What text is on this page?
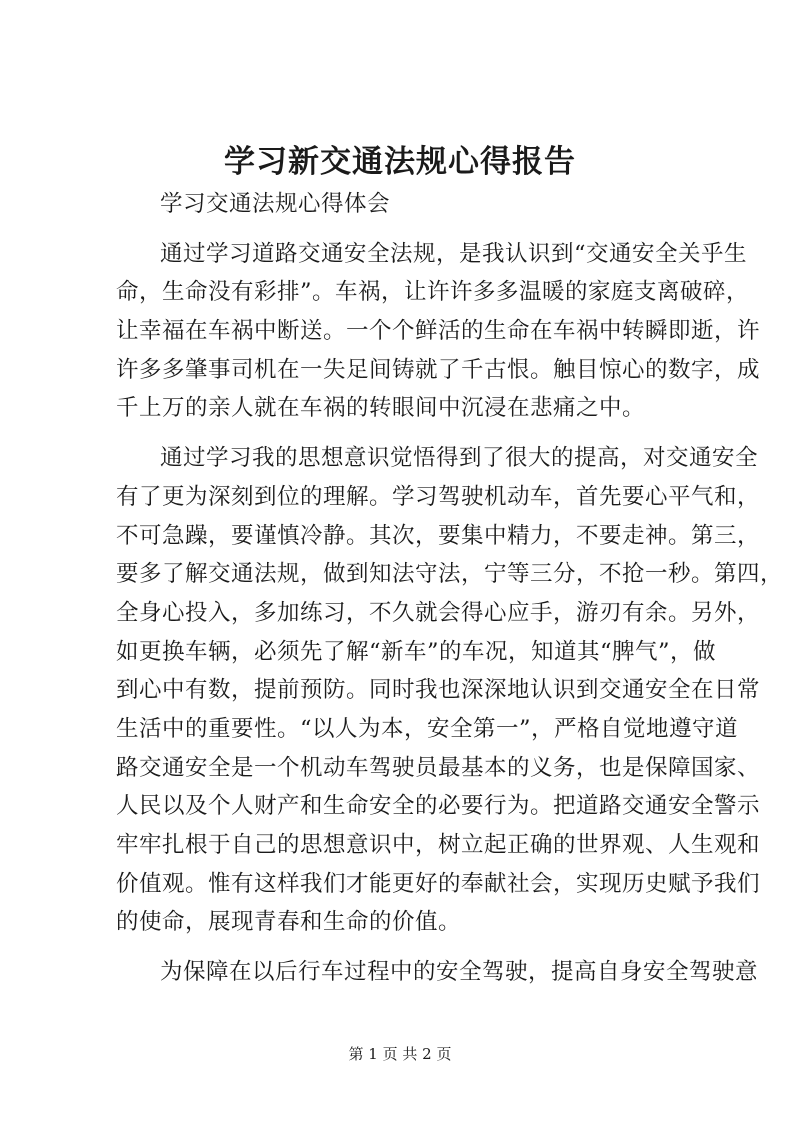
学习新交通法规心得报告
学习交通法规心得体会
通过学习道路交通安全法规，是我认识到“交通安全关乎生
命，生命没有彩排”。车祸，让许许多多温暖的家庭支离破碎，
让幸福在车祸中断送。一个个鲜活的生命在车祸中转瞬即逝，许
许多多肇事司机在一失足间铸就了千古恨。触目惊心的数字，成
千上万的亲人就在车祸的转眼间中沉浸在悲痛之中。
通过学习我的思想意识觉悟得到了很大的提高，对交通安全
有了更为深刻到位的理解。学习驾驶机动车，首先要心平气和，
不可急躁，要谨慎冷静。其次，要集中精力，不要走神。第三，
要多了解交通法规，做到知法守法，宁等三分，不抢一秒。第四，
全身心投入，多加练习，不久就会得心应手，游刃有余。另外，
如更换车辆，必须先了解“新车”的车况，知道其“脾气”，做
到心中有数，提前预防。同时我也深深地认识到交通安全在日常
生活中的重要性。“以人为本，安全第一”，严格自觉地遵守道
路交通安全是一个机动车驾驶员最基本的义务，也是保障国家、
人民以及个人财产和生命安全的必要行为。把道路交通安全警示
牢牢扎根于自己的思想意识中，树立起正确的世界观、人生观和
价值观。惟有这样我们才能更好的奉献社会，实现历史赋予我们
的使命，展现青春和生命的价值。
为保障在以后行车过程中的安全驾驶，提高自身安全驾驶意
第 1 页 共 2 页
